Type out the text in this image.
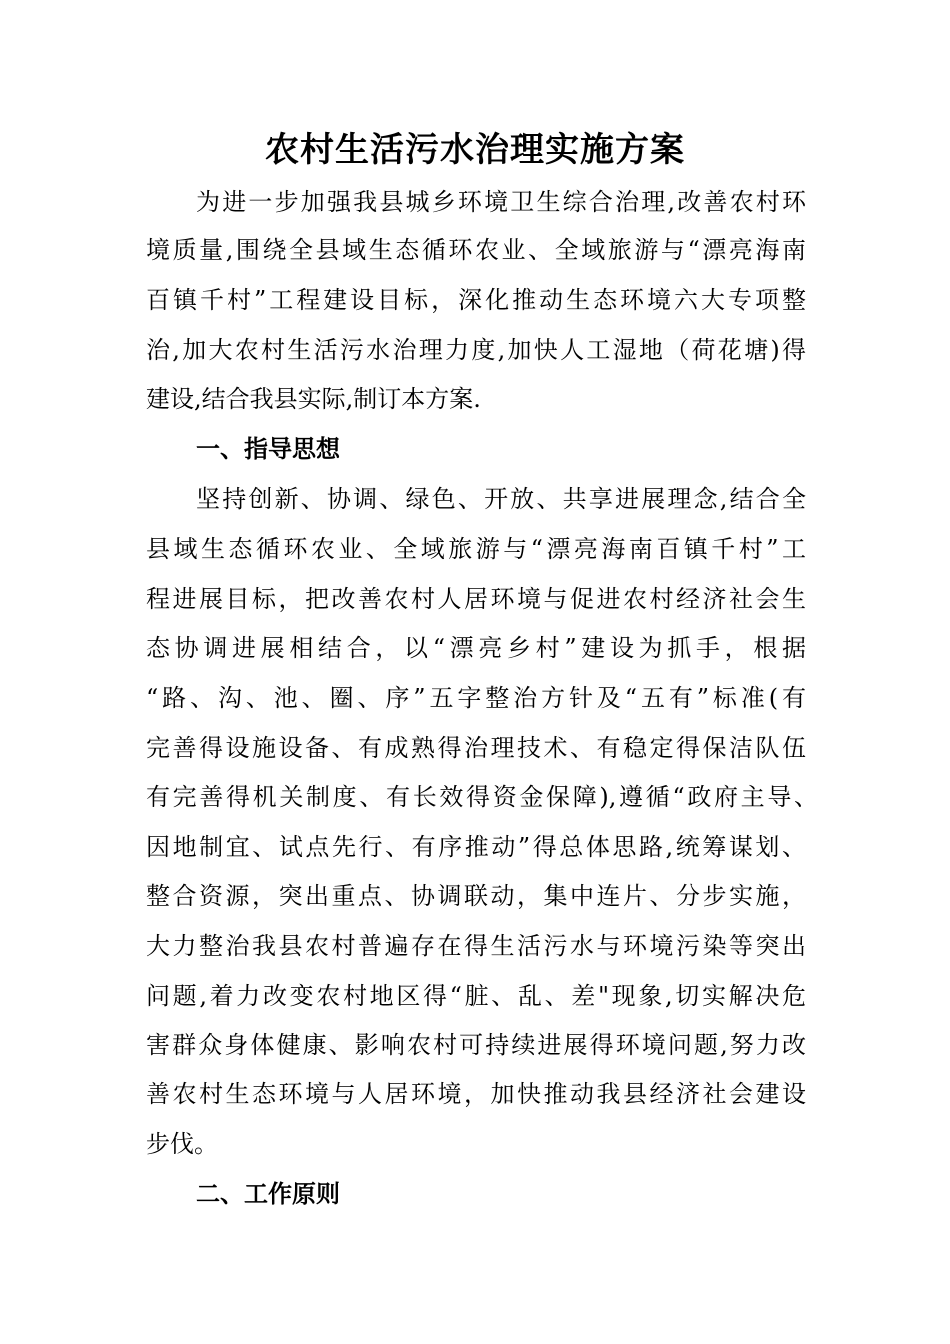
农村生活污水治理实施方案
为进一步加强我县城乡环境卫生综合治理,改善农村环
境质量,围绕全县域生态循环农业、全域旅游与“漂亮海南
百镇千村”工程建设目标，深化推动生态环境六大专项整
治,加大农村生活污水治理力度,加快人工湿地（荷花塘)得
建设,结合我县实际,制订本方案.
一、指导思想
坚持创新、协调、绿色、开放、共享进展理念,结合全
县域生态循环农业、全域旅游与“漂亮海南百镇千村”工
程进展目标，把改善农村人居环境与促进农村经济社会生
态协调进展相结合，以“漂亮乡村”建设为抓手，根据
“路、沟、池、圈、序”五字整治方针及“五有”标准(有
完善得设施设备、有成熟得治理技术、有稳定得保洁队伍
有完善得机关制度、有长效得资金保障),遵循“政府主导、
因地制宜、试点先行、有序推动”得总体思路,统筹谋划、
整合资源，突出重点、协调联动，集中连片、分步实施，
大力整治我县农村普遍存在得生活污水与环境污染等突出
问题,着力改变农村地区得“脏、乱、差"现象,切实解决危
害群众身体健康、影响农村可持续进展得环境问题,努力改
善农村生态环境与人居环境，加快推动我县经济社会建设
步伐。
二、工作原则
